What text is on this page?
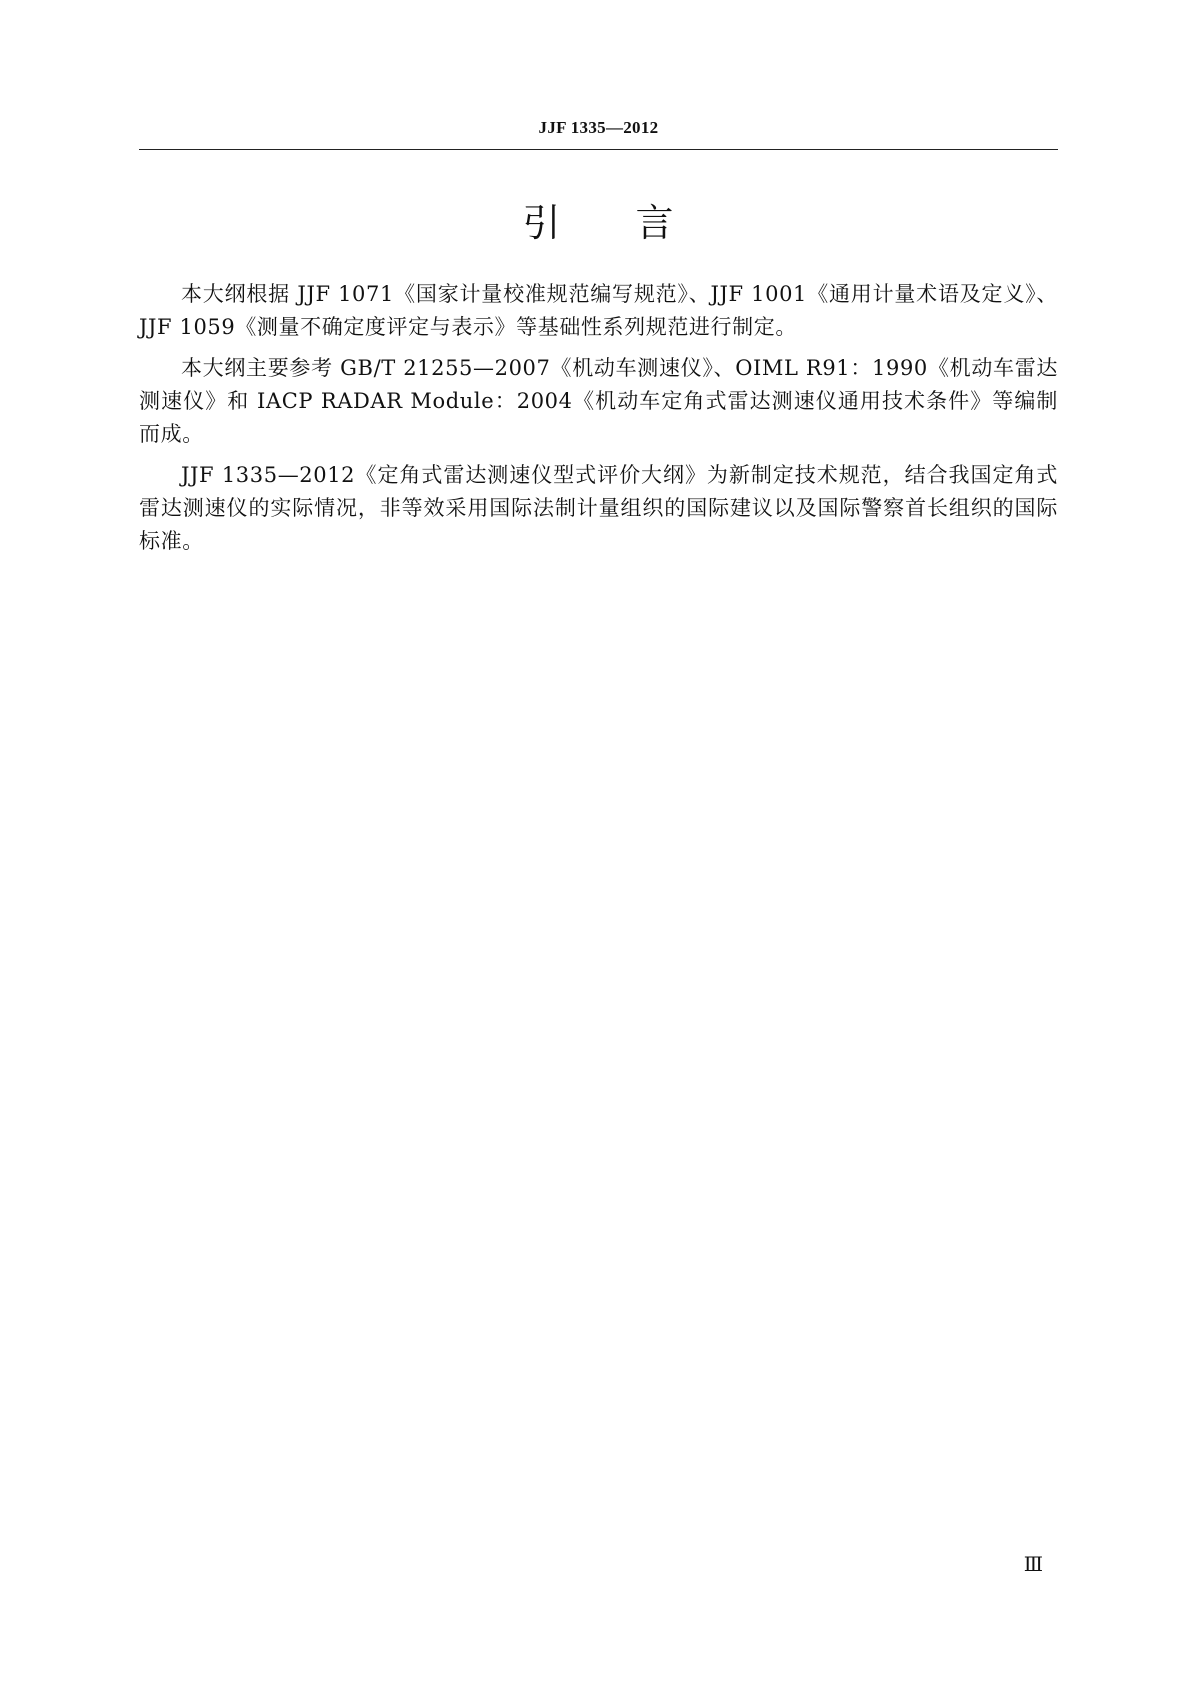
JJF 1335—2012
引 言

本大纲根据 JJF 1071《国家计量校准规范编写规范》、JJF 1001《通用计量术语及定义》、JJF 1059《测量不确定度评定与表示》等基础性系列规范进行制定。

本大纲主要参考 GB/T 21255—2007《机动车测速仪》、OIML R91：1990《机动车雷达测速仪》和 IACP RADAR Module：2004《机动车定角式雷达测速仪通用技术条件》等编制而成。

JJF 1335—2012《定角式雷达测速仪型式评价大纲》为新制定技术规范，结合我国定角式雷达测速仪的实际情况，非等效采用国际法制计量组织的国际建议以及国际警察首长组织的国际标准。

Ⅲ
